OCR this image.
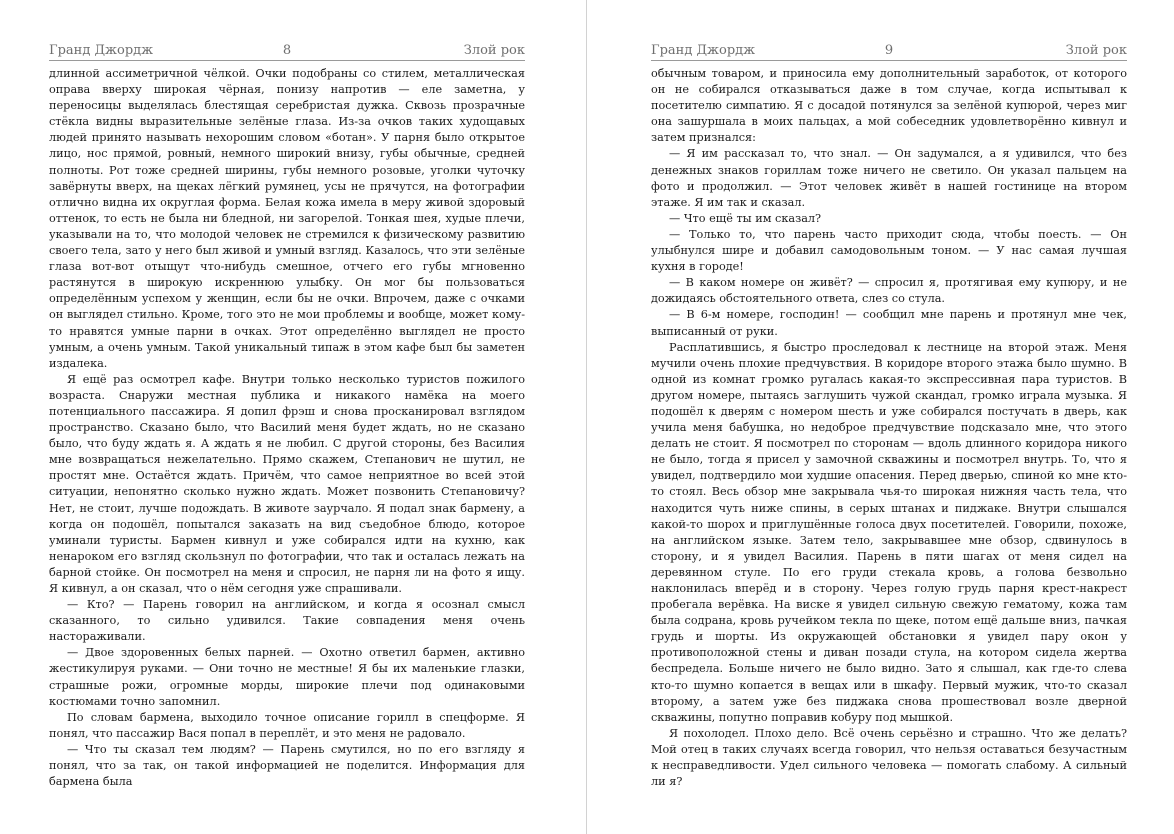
Гранд Джордж	8	Злой рок

длинной ассиметричной чёлкой. Очки подобраны со стилем, металлическая оправа вверху широкая чёрная, понизу напротив — еле заметна, у переносицы выделялась блестящая серебристая дужка. Сквозь прозрачные стёкла видны выразительные зелёные глаза. Из-за очков таких худощавых людей принято называть нехорошим словом «ботан». У парня было открытое лицо, нос прямой, ровный, немного широкий внизу, губы обычные, средней полноты. Рот тоже средней ширины, губы немного розовые, уголки чуточку завёрнуты вверх, на щеках лёгкий румянец, усы не прячутся, на фотографии отлично видна их округлая форма. Белая кожа имела в меру живой здоровый оттенок, то есть не была ни бледной, ни загорелой. Тонкая шея, худые плечи, указывали на то, что молодой человек не стремился к физическому развитию своего тела, зато у него был живой и умный взгляд. Казалось, что эти зелёные глаза вот-вот отыщут что-нибудь смешное, отчего его губы мгновенно растянутся в широкую искреннюю улыбку. Он мог бы пользоваться определённым успехом у женщин, если бы не очки. Впрочем, даже с очками он выглядел стильно. Кроме, того это не мои проблемы и вообще, может кому-то нравятся умные парни в очках. Этот определённо выглядел не просто умным, а очень умным. Такой уникальный типаж в этом кафе был бы заметен издалека.

Я ещё раз осмотрел кафе. Внутри только несколько туристов пожилого возраста. Снаружи местная публика и никакого намёка на моего потенциального пассажира. Я допил фрэш и снова просканировал взглядом пространство. Сказано было, что Василий меня будет ждать, но не сказано было, что буду ждать я. А ждать я не любил. С другой стороны, без Василия мне возвращаться нежелательно. Прямо скажем, Степанович не шутил, не простят мне. Остаётся ждать. Причём, что самое неприятное во всей этой ситуации, непонятно сколько нужно ждать. Может позвонить Степановичу? Нет, не стоит, лучше подождать. В животе заурчало. Я подал знак бармену, а когда он подошёл, попытался заказать на вид съедобное блюдо, которое уминали туристы. Бармен кивнул и уже собирался идти на кухню, как ненароком его взгляд скользнул по фотографии, что так и осталась лежать на барной стойке. Он посмотрел на меня и спросил, не парня ли на фото я ищу. Я кивнул, а он сказал, что о нём сегодня уже спрашивали.

— Кто? — Парень говорил на английском, и когда я осознал смысл сказанного, то сильно удивился. Такие совпадения меня очень настораживали.

— Двое здоровенных белых парней. — Охотно ответил бармен, активно жестикулируя руками. — Они точно не местные! Я бы их маленькие глазки, страшные рожи, огромные морды, широкие плечи под одинаковыми костюмами точно запомнил.

По словам бармена, выходило точное описание горилл в спецформе. Я понял, что пассажир Вася попал в переплёт, и это меня не радовало.

— Что ты сказал тем людям? — Парень смутился, но по его взгляду я понял, что за так, он такой информацией не поделится. Информация для бармена была

Гранд Джордж	9	Злой рок

обычным товаром, и приносила ему дополнительный заработок, от которого он не собирался отказываться даже в том случае, когда испытывал к посетителю симпатию. Я с досадой потянулся за зелёной купюрой, через миг она зашуршала в моих пальцах, а мой собеседник удовлетворённо кивнул и затем признался:

— Я им рассказал то, что знал. — Он задумался, а я удивился, что без денежных знаков гориллам тоже ничего не светило. Он указал пальцем на фото и продолжил. — Этот человек живёт в нашей гостинице на втором этаже. Я им так и сказал.

— Что ещё ты им сказал?

— Только то, что парень часто приходит сюда, чтобы поесть. — Он улыбнулся шире и добавил самодовольным тоном. — У нас самая лучшая кухня в городе!

— В каком номере он живёт? — спросил я, протягивая ему купюру, и не дожидаясь обстоятельного ответа, слез со стула.

— В 6-м номере, господин! — сообщил мне парень и протянул мне чек, выписанный от руки.

Расплатившись, я быстро проследовал к лестнице на второй этаж. Меня мучили очень плохие предчувствия. В коридоре второго этажа было шумно. В одной из комнат громко ругалась какая-то экспрессивная пара туристов. В другом номере, пытаясь заглушить чужой скандал, громко играла музыка. Я подошёл к дверям с номером шесть и уже собирался постучать в дверь, как учила меня бабушка, но недоброе предчувствие подсказало мне, что этого делать не стоит. Я посмотрел по сторонам — вдоль длинного коридора никого не было, тогда я присел у замочной скважины и посмотрел внутрь. То, что я увидел, подтвердило мои худшие опасения. Перед дверью, спиной ко мне кто-то стоял. Весь обзор мне закрывала чья-то широкая нижняя часть тела, что находится чуть ниже спины, в серых штанах и пиджаке. Внутри слышался какой-то шорох и приглушённые голоса двух посетителей. Говорили, похоже, на английском языке. Затем тело, закрывавшее мне обзор, сдвинулось в сторону, и я увидел Василия. Парень в пяти шагах от меня сидел на деревянном стуле. По его груди стекала кровь, а голова безвольно наклонилась вперёд и в сторону. Через голую грудь парня крест-накрест пробегала верёвка. На виске я увидел сильную свежую гематому, кожа там была содрана, кровь ручейком текла по щеке, потом ещё дальше вниз, пачкая грудь и шорты. Из окружающей обстановки я увидел пару окон у противоположной стены и диван позади стула, на котором сидела жертва беспредела. Больше ничего не было видно. Зато я слышал, как где-то слева кто-то шумно копается в вещах или в шкафу. Первый мужик, что-то сказал второму, а затем уже без пиджака снова прошествовал возле дверной скважины, попутно поправив кобуру под мышкой.

Я похолодел. Плохо дело. Всё очень серьёзно и страшно. Что же делать? Мой отец в таких случаях всегда говорил, что нельзя оставаться безучастным к несправедливости. Удел сильного человека — помогать слабому. А сильный ли я?
